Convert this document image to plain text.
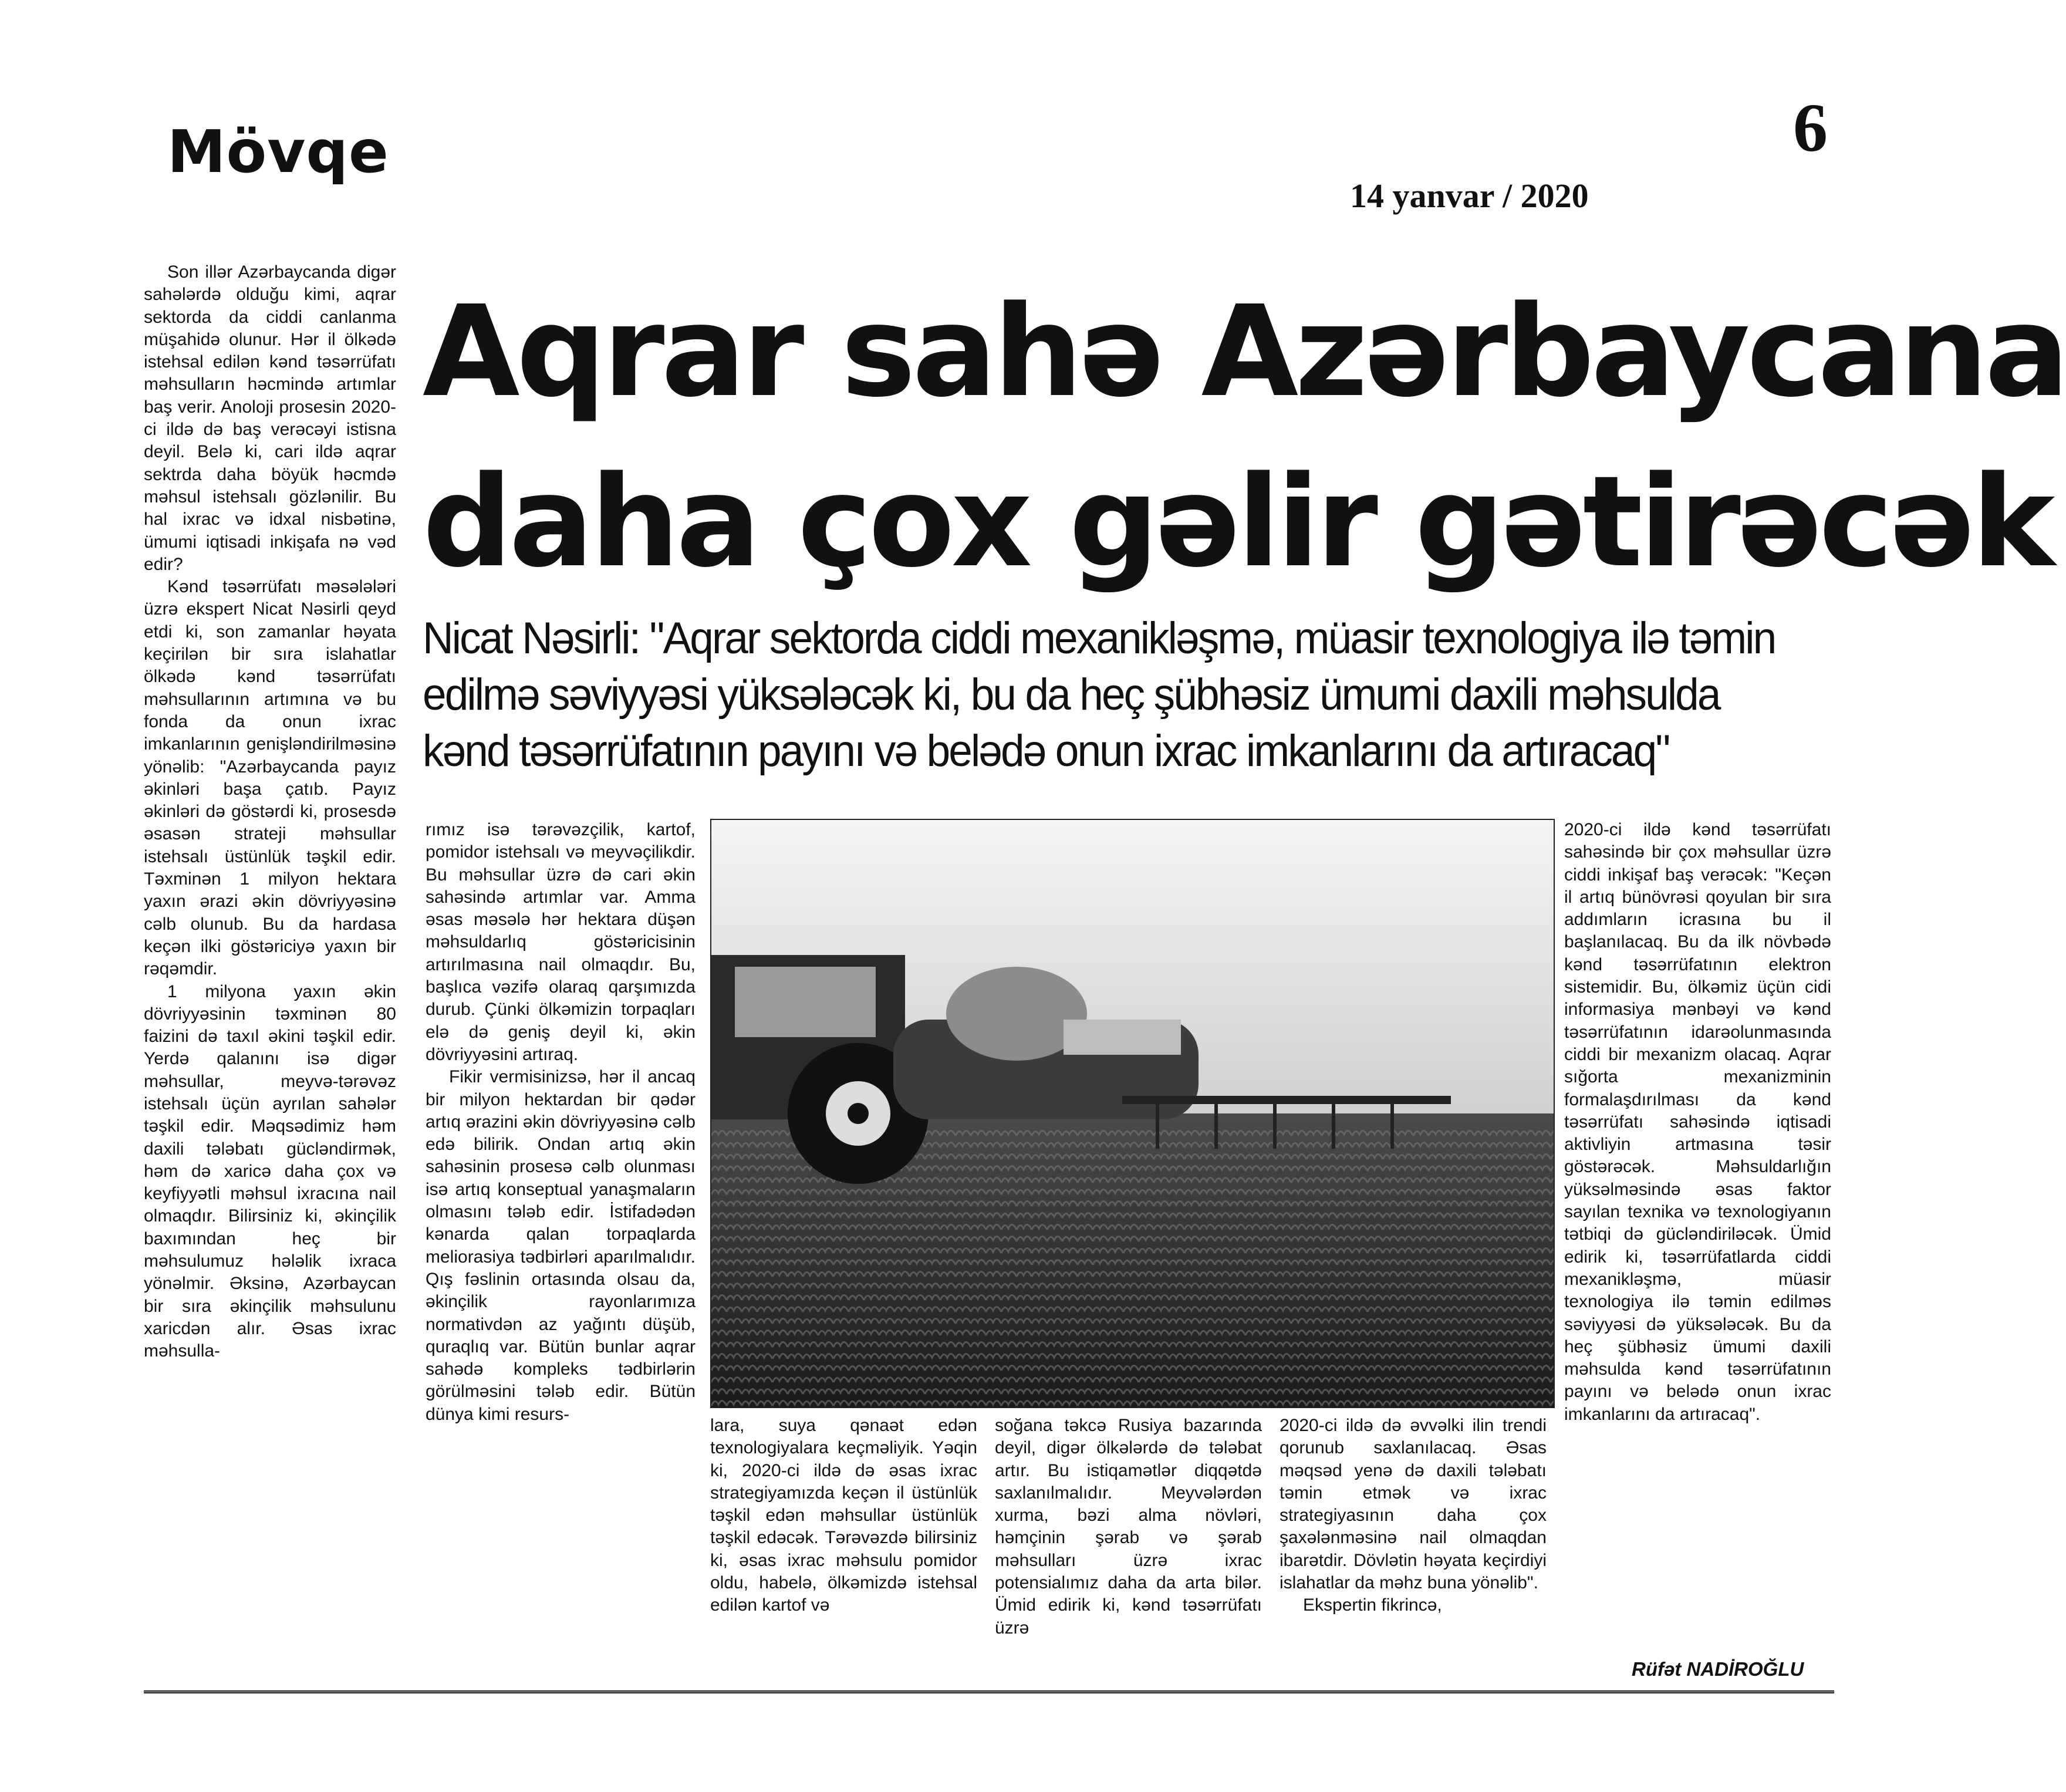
Mövqe	6
14 yanvar / 2020
Aqrar sahə Azərbaycana
daha çox gəlir gətirəcək
Nicat Nəsirli: "Aqrar sektorda ciddi mexanikləşmə, müasir texnologiya ilə təmin edilmə səviyyəsi yüksələcək ki, bu da heç şübhəsiz ümumi daxili məhsulda kənd təsərrüfatının payını və belədə onun ixrac imkanlarını da artıracaq"

Son illər Azərbaycanda digər sahələrdə olduğu kimi, aqrar sektorda da ciddi canlanma müşahidə olunur. Hər il ölkədə istehsal edilən kənd təsərrüfatı məhsulların həcmində artımlar baş verir. Anoloji prosesin 2020-ci ildə də baş verəcəyi istisna deyil. Belə ki, cari ildə aqrar sektrda daha böyük həcmdə məhsul istehsalı gözlənilir. Bu hal ixrac və idxal nisbətinə, ümumi iqtisadi inkişafa nə vəd edir?

Kənd təsərrüfatı məsələləri üzrə ekspert Nicat Nəsirli qeyd etdi ki, son zamanlar həyata keçirilən bir sıra islahatlar ölkədə kənd təsərrüfatı məhsullarının artımına və bu fonda da onun ixrac imkanlarının genişləndirilməsinə yönəlib: "Azərbaycanda payız əkinləri başa çatıb. Payız əkinləri də göstərdi ki, prosesdə əsasən strateji məhsullar istehsalı üstünlük təşkil edir. Təxminən 1 milyon hektara yaxın ərazi əkin dövriyyəsinə cəlb olunub. Bu da hardasa keçən ilki göstəriciyə yaxın bir rəqəmdir.

1 milyona yaxın əkin dövriyyəsinin təxminən 80 faizini də taxıl əkini təşkil edir. Yerdə qalanını isə digər məhsullar, meyvə-tərəvəz istehsalı üçün ayrılan sahələr təşkil edir. Məqsədimiz həm daxili tələbatı gücləndirmək, həm də xaricə daha çox və keyfiyyətli məhsul ixracına nail olmaqdır. Bilirsiniz ki, əkinçilik baxımından heç bir məhsulumuz hələlik ixraca yönəlmir. Əksinə, Azərbaycan bir sıra əkinçilik məhsulunu xaricdən alır. Əsas ixrac məhsulla-

rımız isə tərəvəzçilik, kartof, pomidor istehsalı və meyvəçilikdir. Bu məhsullar üzrə də cari əkin sahəsində artımlar var. Amma əsas məsələ hər hektara düşən məhsuldarlıq göstəricisinin artırılmasına nail olmaqdır. Bu, başlıca vəzifə olaraq qarşımızda durub. Çünki ölkəmizin torpaqları elə də geniş deyil ki, əkin dövriyyəsini artıraq.

Fikir vermisinizsə, hər il ancaq bir milyon hektardan bir qədər artıq ərazini əkin dövriyyəsinə cəlb edə bilirik. Ondan artıq əkin sahəsinin prosesə cəlb olunması isə artıq konseptual yanaşmaların olmasını tələb edir. İstifadədən kənarda qalan torpaqlarda meliorasiya tədbirləri aparılmalıdır. Qış fəslinin ortasında olsau da, əkinçilik rayonlarımıza normativdən az yağıntı düşüb, quraqlıq var. Bütün bunlar aqrar sahədə kompleks tədbirlərin görülməsini tələb edir. Bütün dünya kimi resurs-

lara, suya qənaət edən texnologiyalara keçməliyik. Yəqin ki, 2020-ci ildə də əsas ixrac strategiyamızda keçən il üstünlük təşkil edən məhsullar üstünlük təşkil edəcək. Tərəvəzdə bilirsiniz ki, əsas ixrac məhsulu pomidor oldu, habelə, ölkəmizdə istehsal edilən kartof və

soğana təkcə Rusiya bazarında deyil, digər ölkələrdə də tələbat artır. Bu istiqamətlər diqqətdə saxlanılmalıdır. Meyvələrdən xurma, bəzi alma növləri, həmçinin şərab və şərab məhsulları üzrə ixrac potensialımız daha da arta bilər. Ümid edirik ki, kənd təsərrüfatı üzrə

2020-ci ildə də əvvəlki ilin trendi qorunub saxlanılacaq. Əsas məqsəd yenə də daxili tələbatı təmin etmək və ixrac strategiyasının daha çox şaxələnməsinə nail olmaqdan ibarətdir. Dövlətin həyata keçirdiyi islahatlar da məhz buna yönəlib".

Ekspertin fikrincə,

2020-ci ildə kənd təsərrüfatı sahəsində bir çox məhsullar üzrə ciddi inkişaf baş verəcək: "Keçən il artıq bünövrəsi qoyulan bir sıra addımların icrasına bu il başlanılacaq. Bu da ilk növbədə kənd təsərrüfatının elektron sistemidir. Bu, ölkəmiz üçün cidi informasiya mənbəyi və kənd təsərrüfatının idarəolunmasında ciddi bir mexanizm olacaq. Aqrar sığorta mexanizminin formalaşdırılması da kənd təsərrüfatı sahəsində iqtisadi aktivliyin artmasına təsir göstərəcək. Məhsuldarlığın yüksəlməsində əsas faktor sayılan texnika və texnologiyanın tətbiqi də gücləndiriləcək. Ümid edirik ki, təsərrüfatlarda ciddi mexanikləşmə, müasir texnologiya ilə təmin edilməs səviyyəsi də yüksələcək. Bu da heç şübhəsiz ümumi daxili məhsulda kənd təsərrüfatının payını və belədə onun ixrac imkanlarını da artıracaq".

Rüfət NADİROĞLU
